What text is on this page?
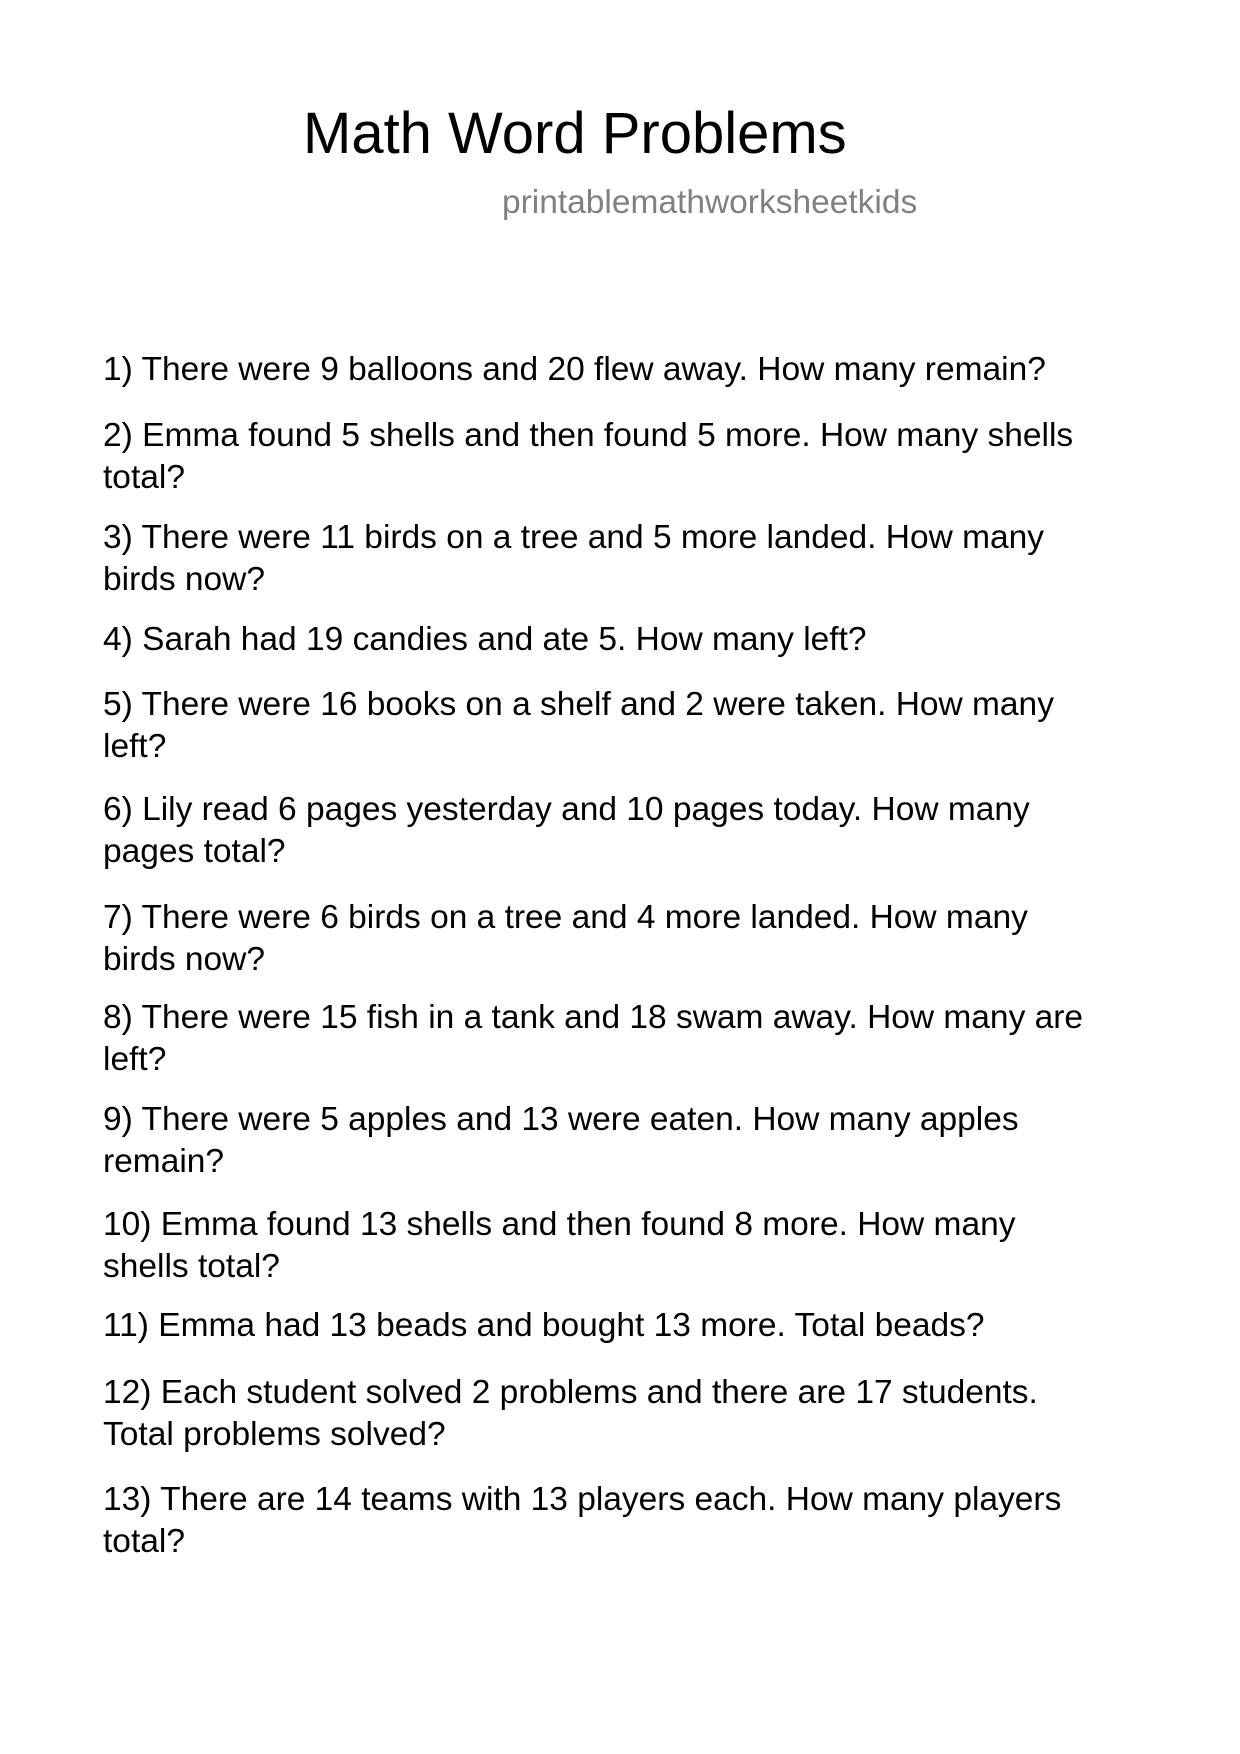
Math Word Problems
printablemathworksheetkids
1) There were 9 balloons and 20 flew away. How many remain?
2) Emma found 5 shells and then found 5 more. How many shells
total?
3) There were 11 birds on a tree and 5 more landed. How many
birds now?
4) Sarah had 19 candies and ate 5. How many left?
5) There were 16 books on a shelf and 2 were taken. How many
left?
6) Lily read 6 pages yesterday and 10 pages today. How many
pages total?
7) There were 6 birds on a tree and 4 more landed. How many
birds now?
8) There were 15 fish in a tank and 18 swam away. How many are
left?
9) There were 5 apples and 13 were eaten. How many apples
remain?
10) Emma found 13 shells and then found 8 more. How many
shells total?
11) Emma had 13 beads and bought 13 more. Total beads?
12) Each student solved 2 problems and there are 17 students.
Total problems solved?
13) There are 14 teams with 13 players each. How many players
total?
